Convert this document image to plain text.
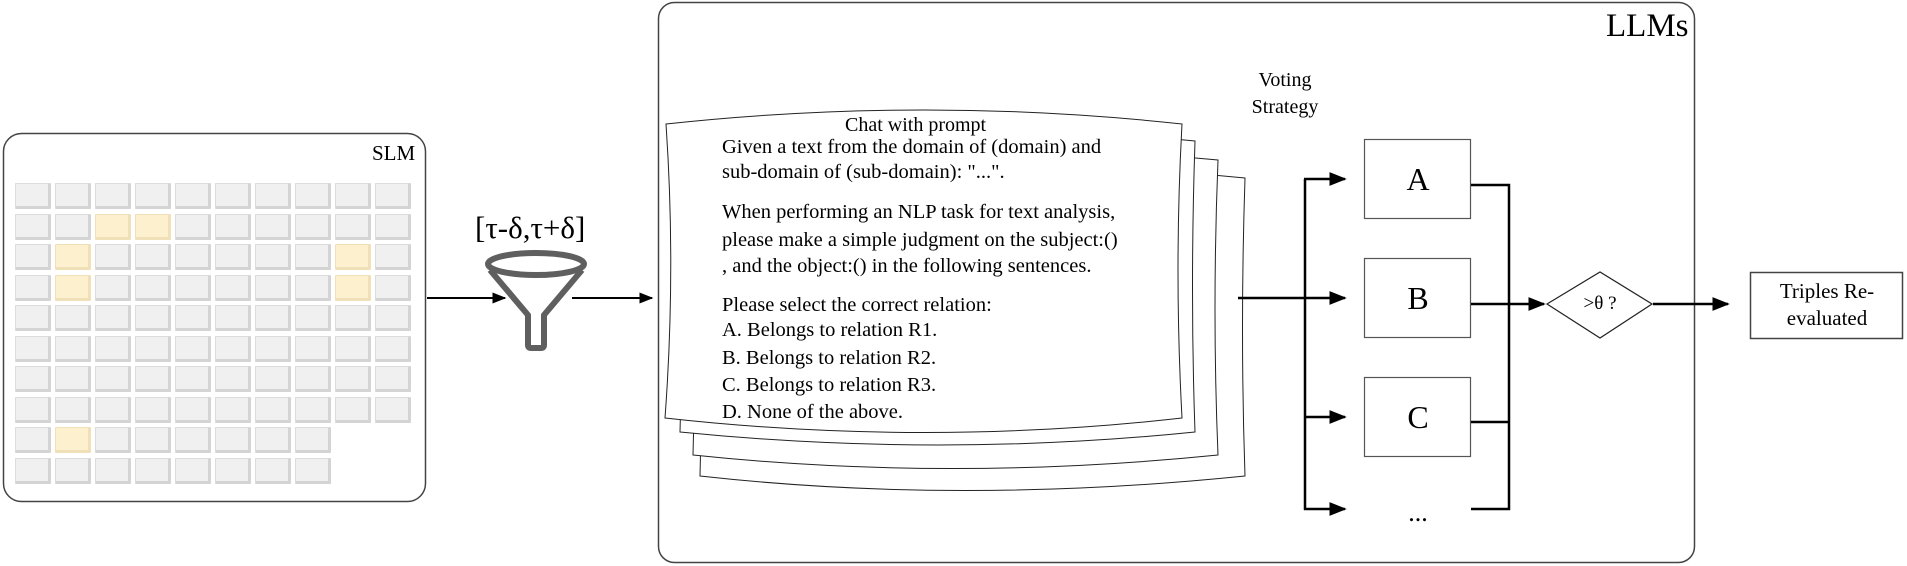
SLM
[τ-δ,τ+δ]
LLMs
Chat with prompt
Given a text from the domain of (domain) and
sub-domain of (sub-domain): "...".
When performing an NLP task for text analysis,
please make a simple judgment on the subject:()
, and the object:() in the following sentences.
Please select the correct relation:
A. Belongs to relation R1.
B. Belongs to relation R2.
C. Belongs to relation R3.
D. None of the above.
Voting
Strategy
A
B
C
...
>θ ?
Triples Re-
evaluated
